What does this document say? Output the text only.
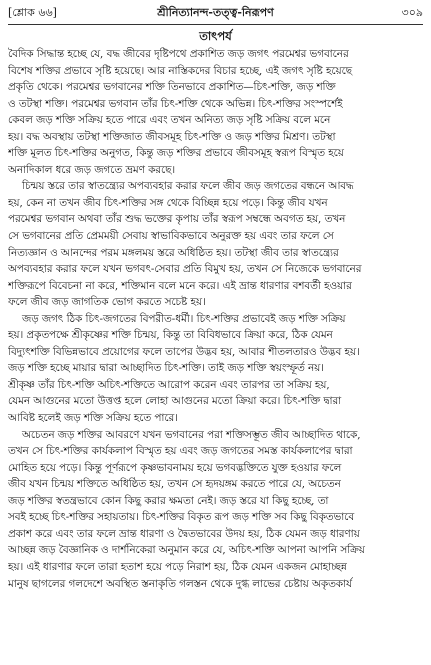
[শ্লোক ৬৬]	শ্রীনিত্যানন্দ-তত্ত্ব-নিরূপণ	৩০৯
তাৎপর্য
বৈদিক সিদ্ধান্ত হচ্ছে যে, বদ্ধ জীবের দৃষ্টিপথে প্রকাশিত জড় জগৎ পরমেশ্বর ভগবানের
বিশেষ শক্তির প্রভাবে সৃষ্টি হয়েছে। আর নাস্তিকদের বিচার হচ্ছে, এই জগৎ সৃষ্টি হয়েছে
প্রকৃতি থেকে। পরমেশ্বর ভগবানের শক্তি তিনভাবে প্রকাশিত—চিৎ-শক্তি, জড় শক্তি
ও তটস্থা শক্তি। পরমেশ্বর ভগবান তাঁর চিৎ-শক্তি থেকে অভিন্ন। চিৎ-শক্তির সংস্পর্শেই
কেবল জড় শক্তি সক্রিয় হতে পারে এবং তখন অনিত্য জড় সৃষ্টি সক্রিয় বলে মনে
হয়। বদ্ধ অবস্থায় তটস্থা শক্তিজাত জীবসমূহ চিৎ-শক্তি ও জড় শক্তির মিশ্রণ। তটস্থা
শক্তি মূলত চিৎ-শক্তির অনুগত, কিন্তু জড় শক্তির প্রভাবে জীবসমূহ স্বরূপ বিস্মৃত হয়ে
অনাদিকাল ধরে জড় জগতে ভ্রমণ করছে।
চিন্ময় স্তরে তার স্বাতন্ত্র্যের অপব্যবহার করার ফলে জীব জড় জগতের বন্ধনে আবদ্ধ
হয়, কেন না তখন জীব চিৎ-শক্তির সঙ্গ থেকে বিচ্ছিন্ন হয়ে পড়ে। কিন্তু জীব যখন
পরমেশ্বর ভগবান অথবা তাঁর শুদ্ধ ভক্তের কৃপায় তাঁর স্বরূপ সম্বন্ধে অবগত হয়, তখন
সে ভগবানের প্রতি প্রেমময়ী সেবায় স্বাভাবিকভাবে অনুরক্ত হয় এবং তার ফলে সে
নিত্যজ্ঞান ও আনন্দের পরম মঙ্গলময় স্তরে অধিষ্ঠিত হয়। তটস্থা জীব তার স্বাতন্ত্র্যের
অপব্যবহার করার ফলে যখন ভগবৎ-সেবার প্রতি বিমুখ হয়, তখন সে নিজেকে ভগবানের
শক্তিরূপে বিবেচনা না করে, শক্তিমান বলে মনে করে। এই ভ্রান্ত ধারণার বশবর্তী হওয়ার
ফলে জীব জড় জাগতিক ভোগ করতে সচেষ্ট হয়।
জড় জগৎ ঠিক চিৎ-জগতের বিপরীত-ধর্মী। চিৎ-শক্তির প্রভাবেই জড় শক্তি সক্রিয়
হয়। প্রকৃতপক্ষে শ্রীকৃষ্ণের শক্তি চিন্ময়, কিন্তু তা বিবিধভাবে ক্রিয়া করে, ঠিক যেমন
বিদ্যুৎশক্তি বিভিন্নভাবে প্রয়োগের ফলে তাপের উদ্ভব হয়, আবার শীতলতারও উদ্ভব হয়।
জড় শক্তি হচ্ছে মায়ার দ্বারা আচ্ছাদিত চিৎ-শক্তি। তাই জড় শক্তি স্বয়ংস্ফূর্ত নয়।
শ্রীকৃষ্ণ তাঁর চিৎ-শক্তি অচিৎ-শক্তিতে আরোপ করেন এবং তারপর তা সক্রিয় হয়,
যেমন আগুনের মতো উত্তপ্ত হলে লোহা আগুনের মতো ক্রিয়া করে। চিৎ-শক্তি দ্বারা
আবিষ্ট হলেই জড় শক্তি সক্রিয় হতে পারে।
অচেতন জড় শক্তির আবরণে যখন ভগবানের পরা শক্তিসম্ভূত জীব আচ্ছাদিত থাকে,
তখন সে চিৎ-শক্তির কার্যকলাপ বিস্মৃত হয় এবং জড় জগতের সমস্ত কার্যকলাপের দ্বারা
মোহিত হয়ে পড়ে। কিন্তু পূর্ণরূপে কৃষ্ণভাবনাময় হয়ে ভগবদ্ভক্তিতে যুক্ত হওয়ার ফলে
জীব যখন চিন্ময় শক্তিতে অধিষ্ঠিত হয়, তখন সে হৃদয়ঙ্গম করতে পারে যে, অচেতন
জড় শক্তির স্বতন্ত্রভাবে কোন কিছু করার ক্ষমতা নেই। জড় স্তরে যা কিছু হচ্ছে, তা
সবই হচ্ছে চিৎ-শক্তির সহায়তায়। চিৎ-শক্তির বিকৃত রূপ জড় শক্তি সব কিছু বিকৃতভাবে
প্রকাশ করে এবং তার ফলে ভ্রান্ত ধারণা ও দ্বৈতভাবের উদয় হয়, ঠিক যেমন জড় ধারণায়
আচ্ছন্ন জড় বৈজ্ঞানিক ও দার্শনিকেরা অনুমান করে যে, অচিৎ-শক্তি আপনা আপনি সক্রিয়
হয়। এই ধারণার ফলে তারা হতাশ হয়ে পড়ে নিরাশ হয়, ঠিক যেমন একজন মোহাচ্ছন্ন
মানুষ ছাগলের গলদেশে অবস্থিত স্তনাকৃতি গলস্তন থেকে দুগ্ধ লাভের চেষ্টায় অকৃতকার্য
